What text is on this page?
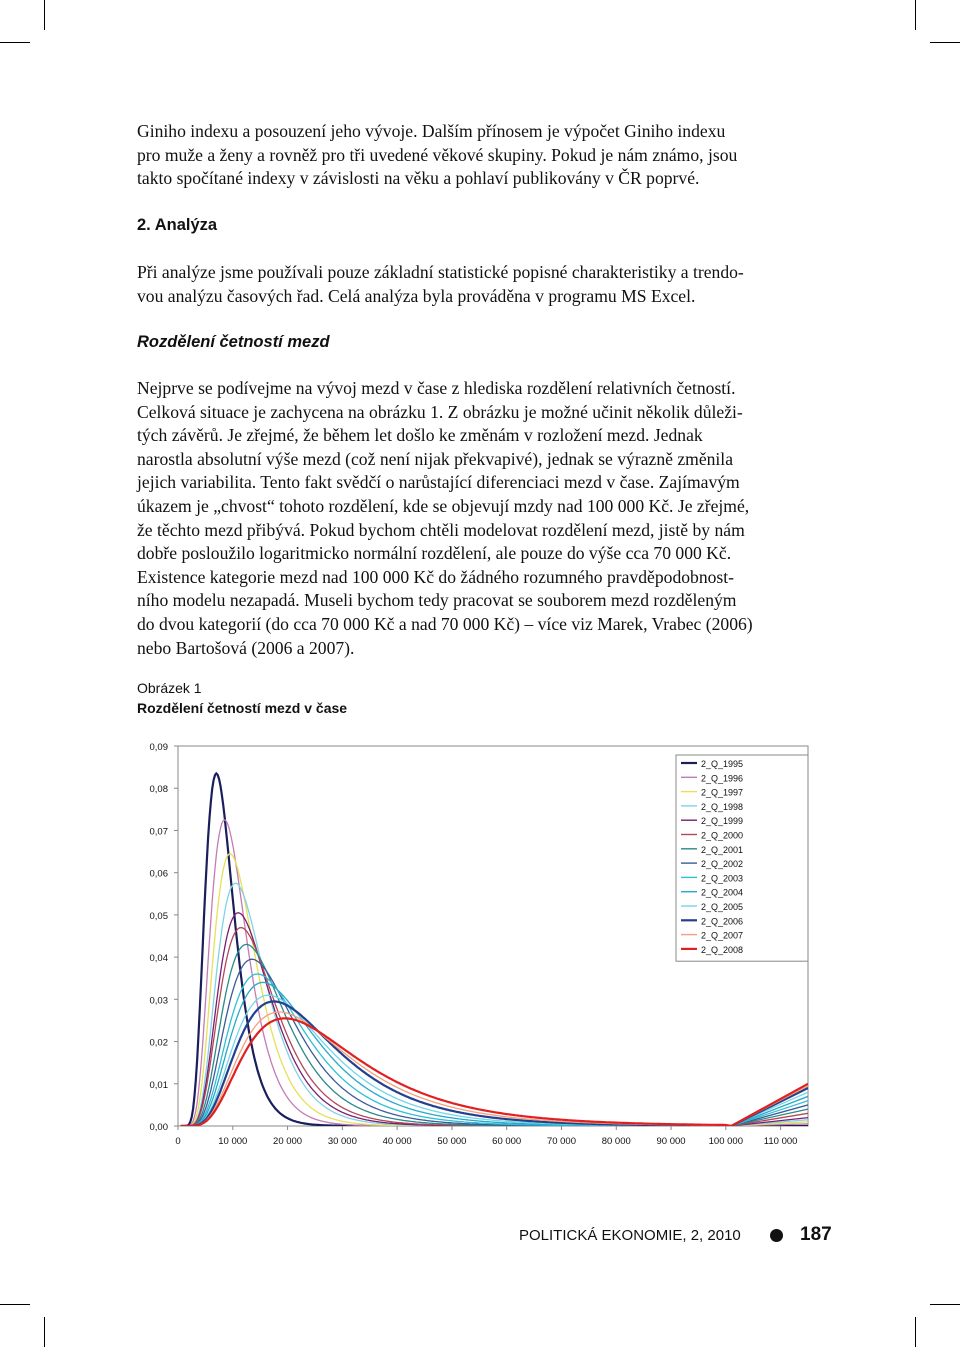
Giniho indexu a posouzení jeho vývoje. Dalším přínosem je výpočet Giniho indexu
pro muže a ženy a rovněž pro tři uvedené věkové skupiny. Pokud je nám známo, jsou
takto spočítané indexy v závislosti na věku a pohlaví publikovány v ČR poprvé.
2. Analýza
Při analýze jsme používali pouze základní statistické popisné charakteristiky a trendo-
vou analýzu časových řad. Celá analýza byla prováděna v programu MS Excel.
Rozdělení četností mezd
Nejprve se podívejme na vývoj mezd v čase z hlediska rozdělení relativních četností.
Celková situace je zachycena na obrázku 1. Z obrázku je možné učinit několik důleži-
tých závěrů. Je zřejmé, že během let došlo ke změnám v rozložení mezd. Jednak
narostla absolutní výše mezd (což není nijak překvapivé), jednak se výrazně změnila
jejich variabilita. Tento fakt svědčí o narůstající diferenciaci mezd v čase. Zajímavým
úkazem je „chvost“ tohoto rozdělení, kde se objevují mzdy nad 100 000 Kč. Je zřejmé,
že těchto mezd přibývá. Pokud bychom chtěli modelovat rozdělení mezd, jistě by nám
dobře posloužilo logaritmicko normální rozdělení, ale pouze do výše cca 70 000 Kč.
Existence kategorie mezd nad 100 000 Kč do žádného rozumného pravděpodobnost-
ního modelu nezapadá. Museli bychom tedy pracovat se souborem mezd rozděleným
do dvou kategorií (do cca 70 000 Kč a nad 70 000 Kč) – více viz Marek, Vrabec (2006)
nebo Bartošová (2006 a 2007).
Obrázek 1
Rozdělení četností mezd v čase
0,00
0,01
0,02
0,03
0,04
0,05
0,06
0,07
0,08
0,09
0	10 000	20 000	30 000	40 000	50 000	60 000	70 000	80 000	90 000 100 000 110 000
2_Q_1995
2_Q_1996
2_Q_1997
2_Q_1998
2_Q_1999
2_Q_2000
2_Q_2001
2_Q_2002
2_Q_2003
2_Q_2004
2_Q_2005
2_Q_2006
2_Q_2007
2_Q_2008
POLITICKÁ EKONOMIE, 2, 2010	187
